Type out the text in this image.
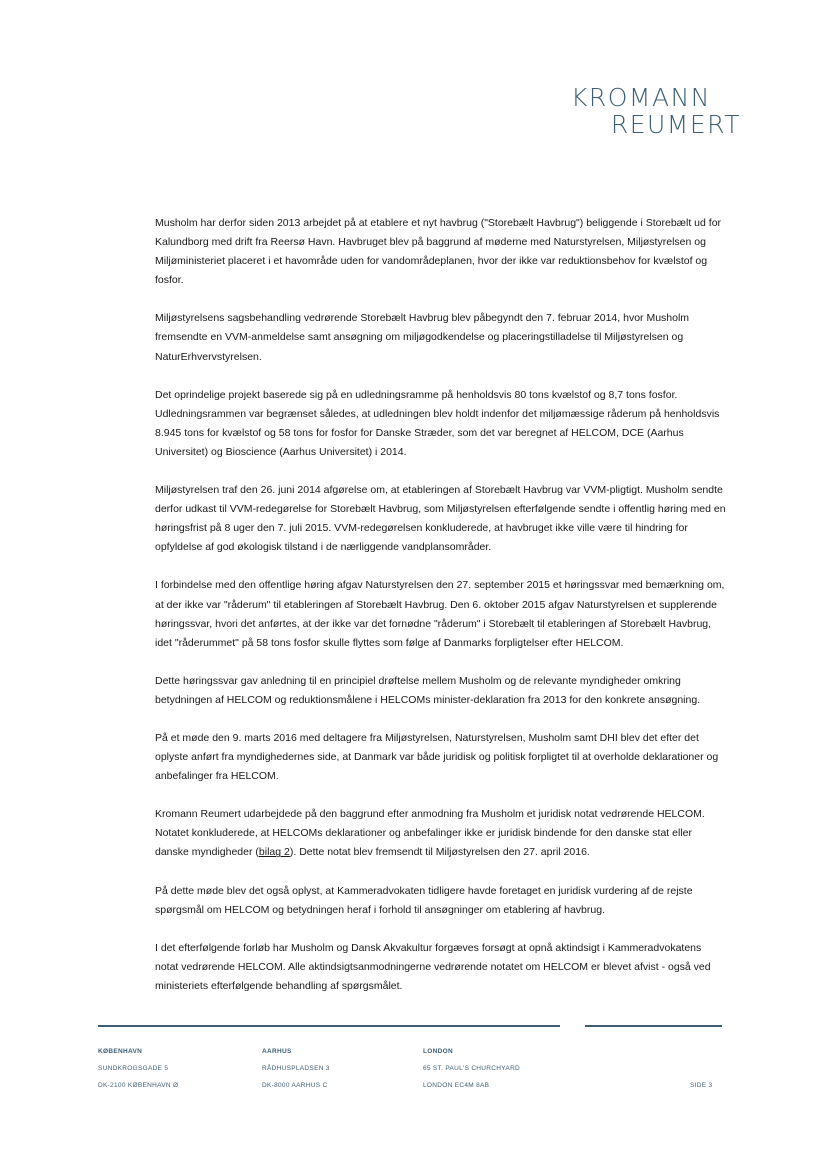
KROMANN
REUMERT

Musholm har derfor siden 2013 arbejdet på at etablere et nyt havbrug ("Storebælt Havbrug") beliggende i Storebælt ud for Kalundborg med drift fra Reersø Havn. Havbruget blev på baggrund af møderne med Naturstyrelsen, Miljøstyrelsen og Miljøministeriet placeret i et havområde uden for vandområdeplanen, hvor der ikke var reduktionsbehov for kvælstof og fosfor.

Miljøstyrelsens sagsbehandling vedrørende Storebælt Havbrug blev påbegyndt den 7. februar 2014, hvor Musholm fremsendte en VVM-anmeldelse samt ansøgning om miljøgodkendelse og placeringstilladelse til Miljøstyrelsen og NaturErhvervstyrelsen.

Det oprindelige projekt baserede sig på en udledningsramme på henholdsvis 80 tons kvælstof og 8,7 tons fosfor. Udledningsrammen var begrænset således, at udledningen blev holdt indenfor det miljømæssige råderum på henholdsvis 8.945 tons for kvælstof og 58 tons for fosfor for Danske Stræder, som det var beregnet af HELCOM, DCE (Aarhus Universitet) og Bioscience (Aarhus Universitet) i 2014.

Miljøstyrelsen traf den 26. juni 2014 afgørelse om, at etableringen af Storebælt Havbrug var VVM-pligtigt. Musholm sendte derfor udkast til VVM-redegørelse for Storebælt Havbrug, som Miljøstyrelsen efterfølgende sendte i offentlig høring med en høringsfrist på 8 uger den 7. juli 2015. VVM-redegørelsen konkluderede, at havbruget ikke ville være til hindring for opfyldelse af god økologisk tilstand i de nærliggende vandplansområder.

I forbindelse med den offentlige høring afgav Naturstyrelsen den 27. september 2015 et høringssvar med bemærkning om, at der ikke var "råderum" til etableringen af Storebælt Havbrug. Den 6. oktober 2015 afgav Naturstyrelsen et supplerende høringssvar, hvori det anførtes, at der ikke var det fornødne "råderum" i Storebælt til etableringen af Storebælt Havbrug, idet "råderummet" på 58 tons fosfor skulle flyttes som følge af Danmarks forpligtelser efter HELCOM.

Dette høringssvar gav anledning til en principiel drøftelse mellem Musholm og de relevante myndigheder omkring betydningen af HELCOM og reduktionsmålene i HELCOMs minister-deklaration fra 2013 for den konkrete ansøgning.

På et møde den 9. marts 2016 med deltagere fra Miljøstyrelsen, Naturstyrelsen, Musholm samt DHI blev det efter det oplyste anført fra myndighedernes side, at Danmark var både juridisk og politisk forpligtet til at overholde deklarationer og anbefalinger fra HELCOM.

Kromann Reumert udarbejdede på den baggrund efter anmodning fra Musholm et juridisk notat vedrørende HELCOM. Notatet konkluderede, at HELCOMs deklarationer og anbefalinger ikke er juridisk bindende for den danske stat eller danske myndigheder (bilag 2). Dette notat blev fremsendt til Miljøstyrelsen den 27. april 2016.

På dette møde blev det også oplyst, at Kammeradvokaten tidligere havde foretaget en juridisk vurdering af de rejste spørgsmål om HELCOM og betydningen heraf i forhold til ansøgninger om etablering af havbrug.

I det efterfølgende forløb har Musholm og Dansk Akvakultur forgæves forsøgt at opnå aktindsigt i Kammeradvokatens notat vedrørende HELCOM. Alle aktindsigtsanmodningerne vedrørende notatet om HELCOM er blevet afvist - også ved ministeriets efterfølgende behandling af spørgsmålet.

KØBENHAVN
SUNDKROGSGADE 5
DK-2100 KØBENHAVN Ø
AARHUS
RÅDHUSPLADSEN 3
DK-8000 AARHUS C
LONDON
65 ST. PAUL'S CHURCHYARD
LONDON EC4M 8AB	SIDE 3
